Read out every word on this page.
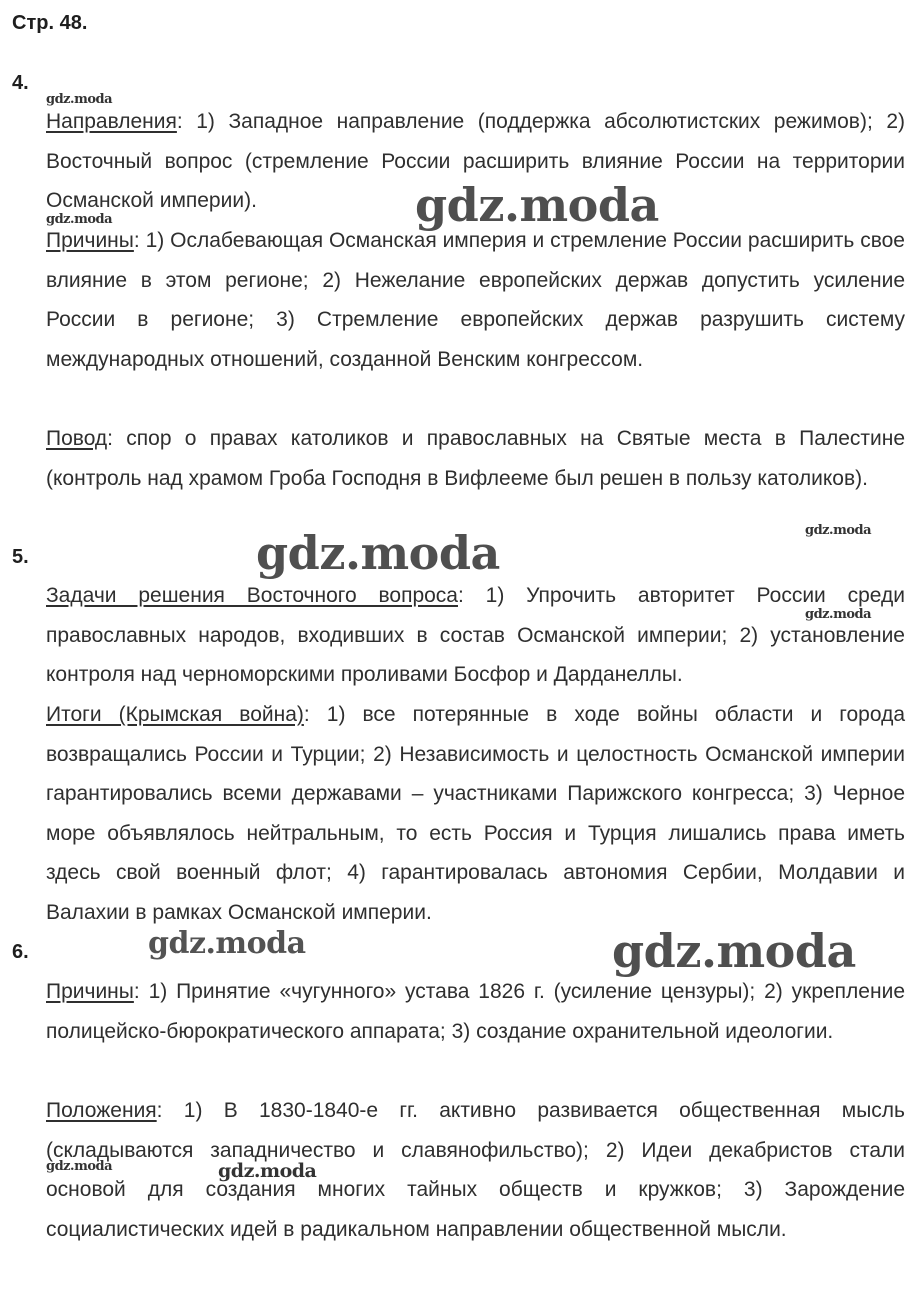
Стр. 48.
4.
Направления: 1) Западное направление (поддержка абсолютистских режимов); 2) Восточный вопрос (стремление России расширить влияние России на территории Османской империи).
Причины: 1) Ослабевающая Османская империя и стремление России расширить свое влияние в этом регионе; 2) Нежелание европейских держав допустить усиление России в регионе; 3) Стремление европейских держав разрушить систему международных отношений, созданной Венским конгрессом.
Повод: спор о правах католиков и православных на Святые места в Палестине (контроль над храмом Гроба Господня в Вифлееме был решен в пользу католиков).
5.
Задачи решения Восточного вопроса: 1) Упрочить авторитет России среди православных народов, входивших в состав Османской империи; 2) установление контроля над черноморскими проливами Босфор и Дарданеллы.
Итоги (Крымская война): 1) все потерянные в ходе войны области и города возвращались России и Турции; 2) Независимость и целостность Османской империи гарантировались всеми державами – участниками Парижского конгресса; 3) Черное море объявлялось нейтральным, то есть Россия и Турция лишались права иметь здесь свой военный флот; 4) гарантировалась автономия Сербии, Молдавии и Валахии в рамках Османской империи.
6.
Причины: 1) Принятие «чугунного» устава 1826 г. (усиление цензуры); 2) укрепление полицейско-бюрократического аппарата; 3) создание охранительной идеологии.
Положения: 1) В 1830-1840-е гг. активно развивается общественная мысль (складываются западничество и славянофильство); 2) Идеи декабристов стали основой для создания многих тайных обществ и кружков; 3) Зарождение социалистических идей в радикальном направлении общественной мысли.
gdz.moda
gdz.moda	gdz.moda
gdz.moda
gdz.moda
gdz.moda
gdz.moda	gdz.moda
gdz.moda	gdz.moda
